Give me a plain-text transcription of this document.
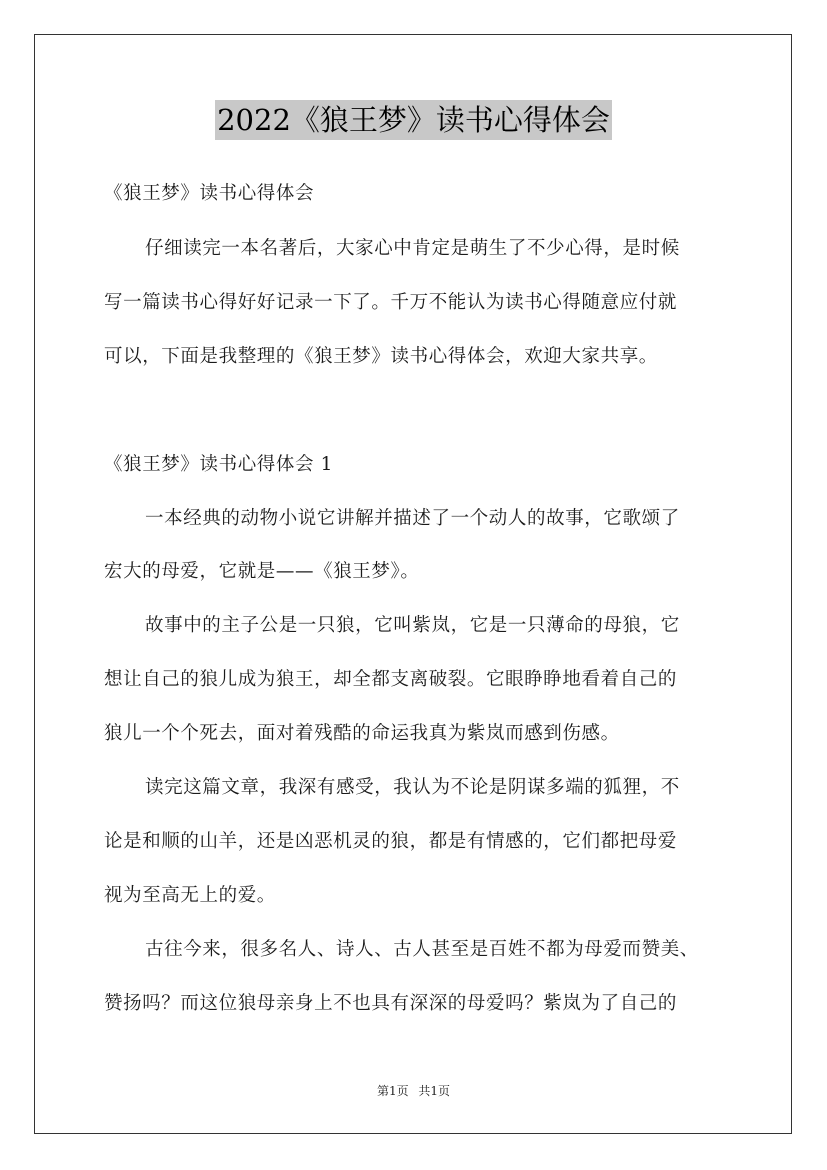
2022《狼王梦》读书心得体会
《狼王梦》读书心得体会
仔细读完一本名著后，大家心中肯定是萌生了不少心得，是时候
写一篇读书心得好好记录一下了。千万不能认为读书心得随意应付就
可以，下面是我整理的《狼王梦》读书心得体会，欢迎大家共享。
《狼王梦》读书心得体会 1
一本经典的动物小说它讲解并描述了一个动人的故事，它歌颂了
宏大的母爱，它就是——《狼王梦》。
故事中的主子公是一只狼，它叫紫岚，它是一只薄命的母狼，它
想让自己的狼儿成为狼王，却全都支离破裂。它眼睁睁地看着自己的
狼儿一个个死去，面对着残酷的命运我真为紫岚而感到伤感。
读完这篇文章，我深有感受，我认为不论是阴谋多端的狐狸，不
论是和顺的山羊，还是凶恶机灵的狼，都是有情感的，它们都把母爱
视为至高无上的爱。
古往今来，很多名人、诗人、古人甚至是百姓不都为母爱而赞美、
赞扬吗？而这位狼母亲身上不也具有深深的母爱吗？紫岚为了自己的
第1页 共1页
